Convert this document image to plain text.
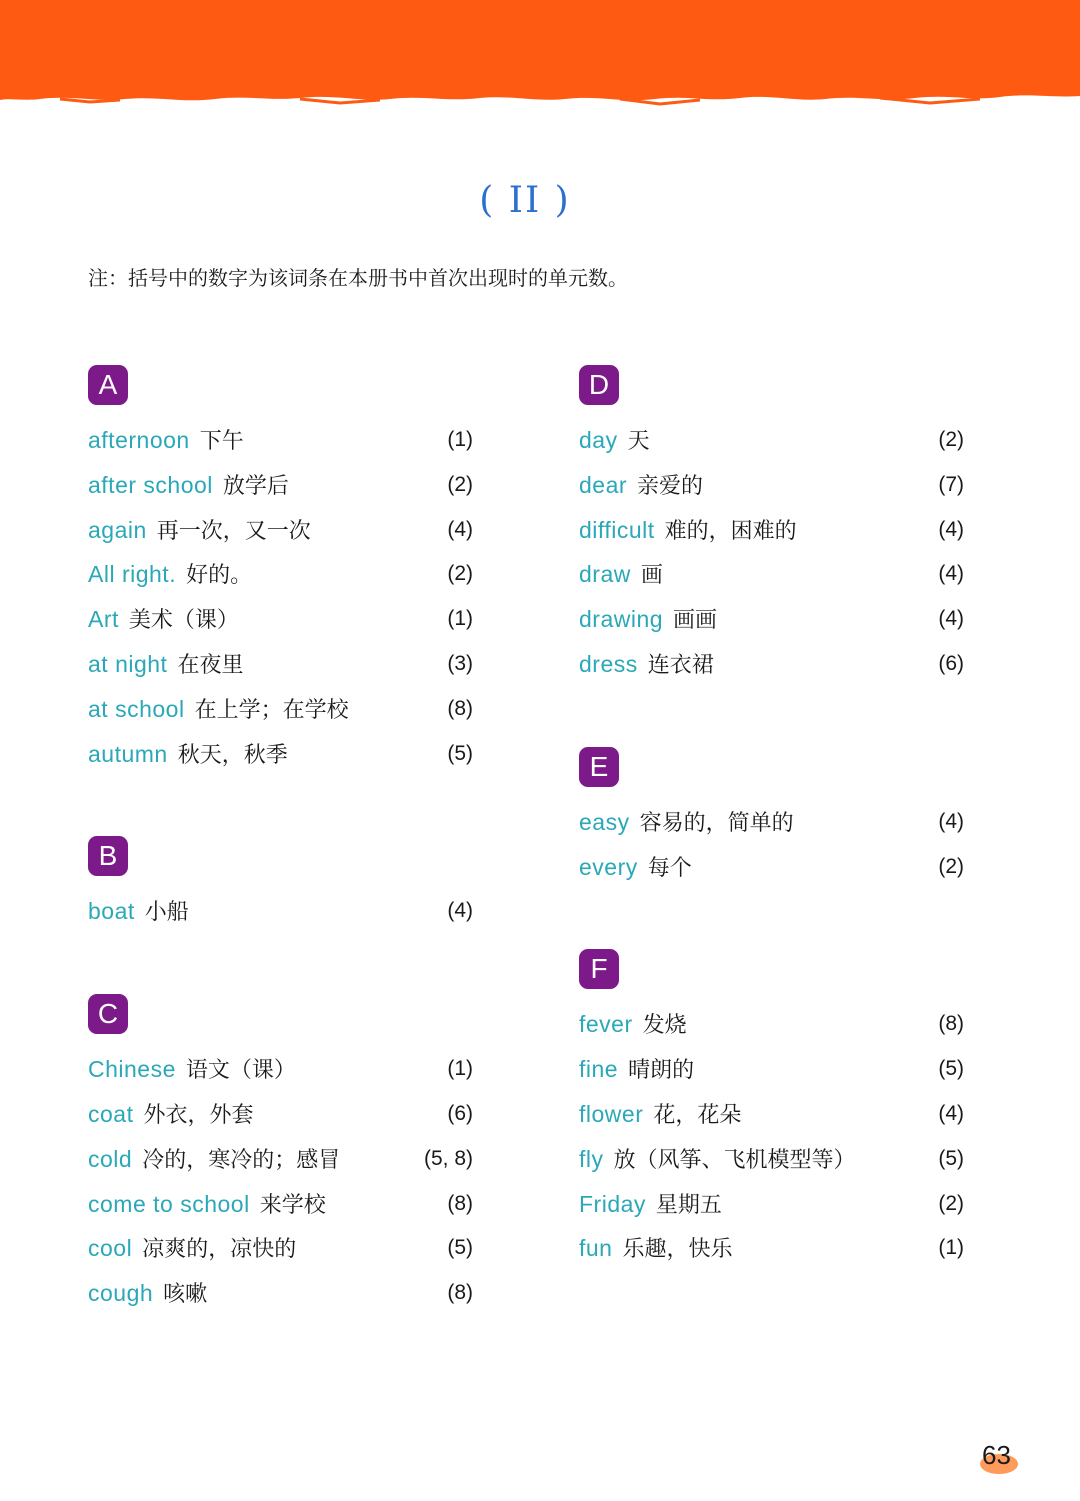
( II )
注：括号中的数字为该词条在本册书中首次出现时的单元数。
A
afternoon 下午	(1)
after school 放学后	(2)
again 再一次，又一次	(4)
All right. 好的。	(2)
Art 美术（课）	(1)
at night 在夜里	(3)
at school 在上学；在学校	(8)
autumn 秋天，秋季	(5)
B
boat 小船	(4)
C
Chinese 语文（课）	(1)
coat 外衣，外套	(6)
cold 冷的，寒冷的；感冒	(5, 8)
come to school 来学校	(8)
cool 凉爽的，凉快的	(5)
cough 咳嗽	(8)
D
day 天	(2)
dear 亲爱的	(7)
difficult 难的，困难的	(4)
draw 画	(4)
drawing 画画	(4)
dress 连衣裙	(6)
E
easy 容易的，简单的	(4)
every 每个	(2)
F
fever 发烧	(8)
fine 晴朗的	(5)
flower 花，花朵	(4)
fly 放（风筝、飞机模型等）	(5)
Friday 星期五	(2)
fun 乐趣，快乐	(1)
63
